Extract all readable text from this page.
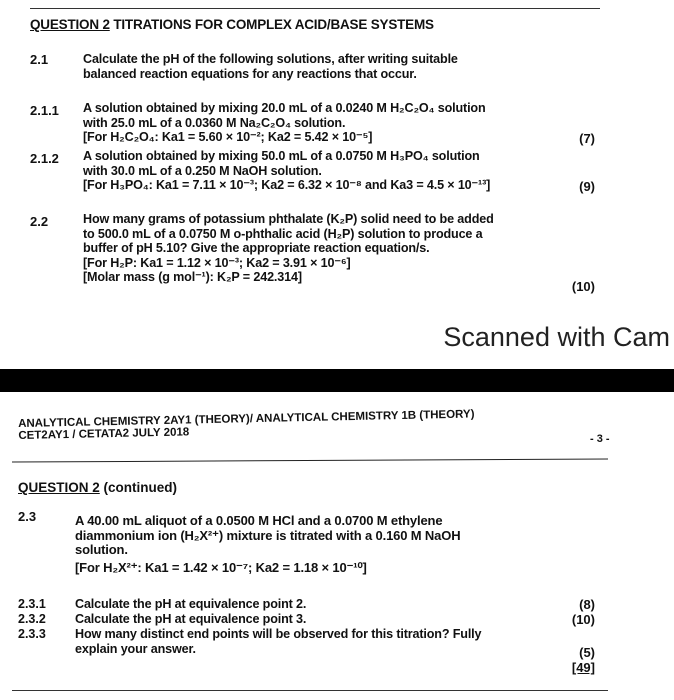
QUESTION 2 TITRATIONS FOR COMPLEX ACID/BASE SYSTEMS
2.1	Calculate the pH of the following solutions, after writing suitable
balanced reaction equations for any reactions that occur.
2.1.1 A solution obtained by mixing 20.0 mL of a 0.0240 M H₂C₂O₄ solution
with 25.0 mL of a 0.0360 M Na₂C₂O₄ solution.
[For H₂C₂O₄: Ka1 = 5.60 × 10⁻²; Ka2 = 5.42 × 10⁻⁵]	(7)
2.1.2 A solution obtained by mixing 50.0 mL of a 0.0750 M H₃PO₄ solution
with 30.0 mL of a 0.250 M NaOH solution.
[For H₃PO₄: Ka1 = 7.11 × 10⁻³; Ka2 = 6.32 × 10⁻⁸ and Ka3 = 4.5 × 10⁻¹³]	(9)
2.2	How many grams of potassium phthalate (K₂P) solid need to be added
to 500.0 mL of a 0.0750 M o-phthalic acid (H₂P) solution to produce a
buffer of pH 5.10? Give the appropriate reaction equation/s.
[For H₂P: Ka1 = 1.12 × 10⁻³; Ka2 = 3.91 × 10⁻⁶]
[Molar mass (g mol⁻¹): K₂P = 242.314]
(10)
Scanned with Cam
ANALYTICAL CHEMISTRY 2AY1 (THEORY)/ ANALYTICAL CHEMISTRY 1B (THEORY)
CET2AY1 / CETATA2 JULY 2018	- 3 -
QUESTION 2 (continued)
2.3	A 40.00 mL aliquot of a 0.0500 M HCl and a 0.0700 M ethylene
diammonium ion (H₂X²⁺) mixture is titrated with a 0.160 M NaOH
solution.
[For H₂X²⁺: Ka1 = 1.42 × 10⁻⁷; Ka2 = 1.18 × 10⁻¹⁰]
2.3.1 Calculate the pH at equivalence point 2.	(8)
2.3.2 Calculate the pH at equivalence point 3.	(10)
2.3.3 How many distinct end points will be observed for this titration? Fully
explain your answer.	(5)
[49]
